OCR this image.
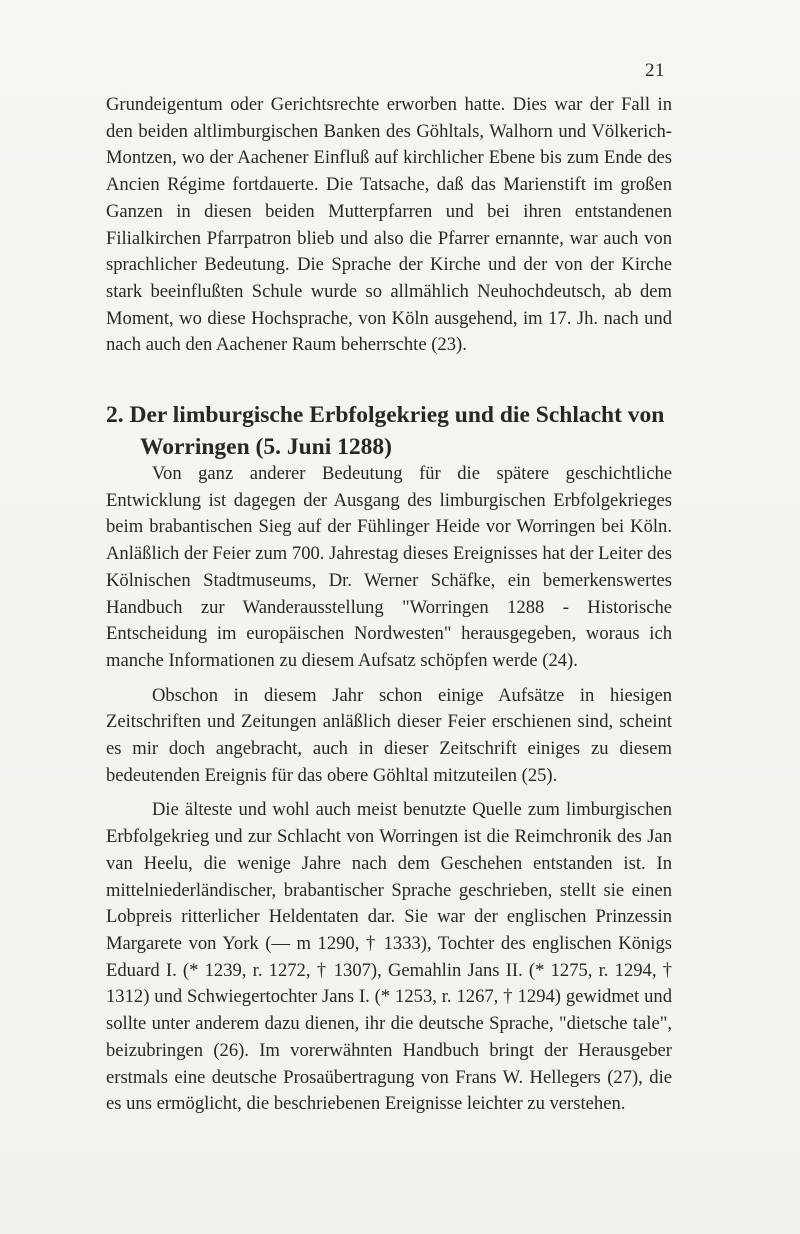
21

Grundeigentum oder Gerichtsrechte erworben hatte. Dies war der Fall in den beiden altlimburgischen Banken des Göhltals, Walhorn und Völkerich-Montzen, wo der Aachener Einfluß auf kirchlicher Ebene bis zum Ende des Ancien Régime fortdauerte. Die Tatsache, daß das Marienstift im großen Ganzen in diesen beiden Mutterpfarren und bei ihren entstandenen Filialkirchen Pfarrpatron blieb und also die Pfarrer ernannte, war auch von sprachlicher Bedeutung. Die Sprache der Kirche und der von der Kirche stark beeinflußten Schule wurde so allmählich Neuhochdeutsch, ab dem Moment, wo diese Hochsprache, von Köln ausgehend, im 17. Jh. nach und nach auch den Aachener Raum beherrschte (23).

2. Der limburgische Erbfolgekrieg und die Schlacht von Worringen (5. Juni 1288)

Von ganz anderer Bedeutung für die spätere geschichtliche Entwicklung ist dagegen der Ausgang des limburgischen Erbfolgekrieges beim brabantischen Sieg auf der Fühlinger Heide vor Worringen bei Köln. Anläßlich der Feier zum 700. Jahrestag dieses Ereignisses hat der Leiter des Kölnischen Stadtmuseums, Dr. Werner Schäfke, ein bemerkenswertes Handbuch zur Wanderausstellung "Worringen 1288 - Historische Entscheidung im europäischen Nordwesten" herausgegeben, woraus ich manche Informationen zu diesem Aufsatz schöpfen werde (24).

Obschon in diesem Jahr schon einige Aufsätze in hiesigen Zeitschriften und Zeitungen anläßlich dieser Feier erschienen sind, scheint es mir doch angebracht, auch in dieser Zeitschrift einiges zu diesem bedeutenden Ereignis für das obere Göhltal mitzuteilen (25).

Die älteste und wohl auch meist benutzte Quelle zum limburgischen Erbfolgekrieg und zur Schlacht von Worringen ist die Reimchronik des Jan van Heelu, die wenige Jahre nach dem Geschehen entstanden ist. In mittelniederländischer, brabantischer Sprache geschrieben, stellt sie einen Lobpreis ritterlicher Heldentaten dar. Sie war der englischen Prinzessin Margarete von York (— m 1290, † 1333), Tochter des englischen Königs Eduard I. (* 1239, r. 1272, † 1307), Gemahlin Jans II. (* 1275, r. 1294, † 1312) und Schwiegertochter Jans I. (* 1253, r. 1267, † 1294) gewidmet und sollte unter anderem dazu dienen, ihr die deutsche Sprache, "dietsche tale", beizubringen (26). Im vorerwähnten Handbuch bringt der Herausgeber erstmals eine deutsche Prosaübertragung von Frans W. Hellegers (27), die es uns ermöglicht, die beschriebenen Ereignisse leichter zu verstehen.
